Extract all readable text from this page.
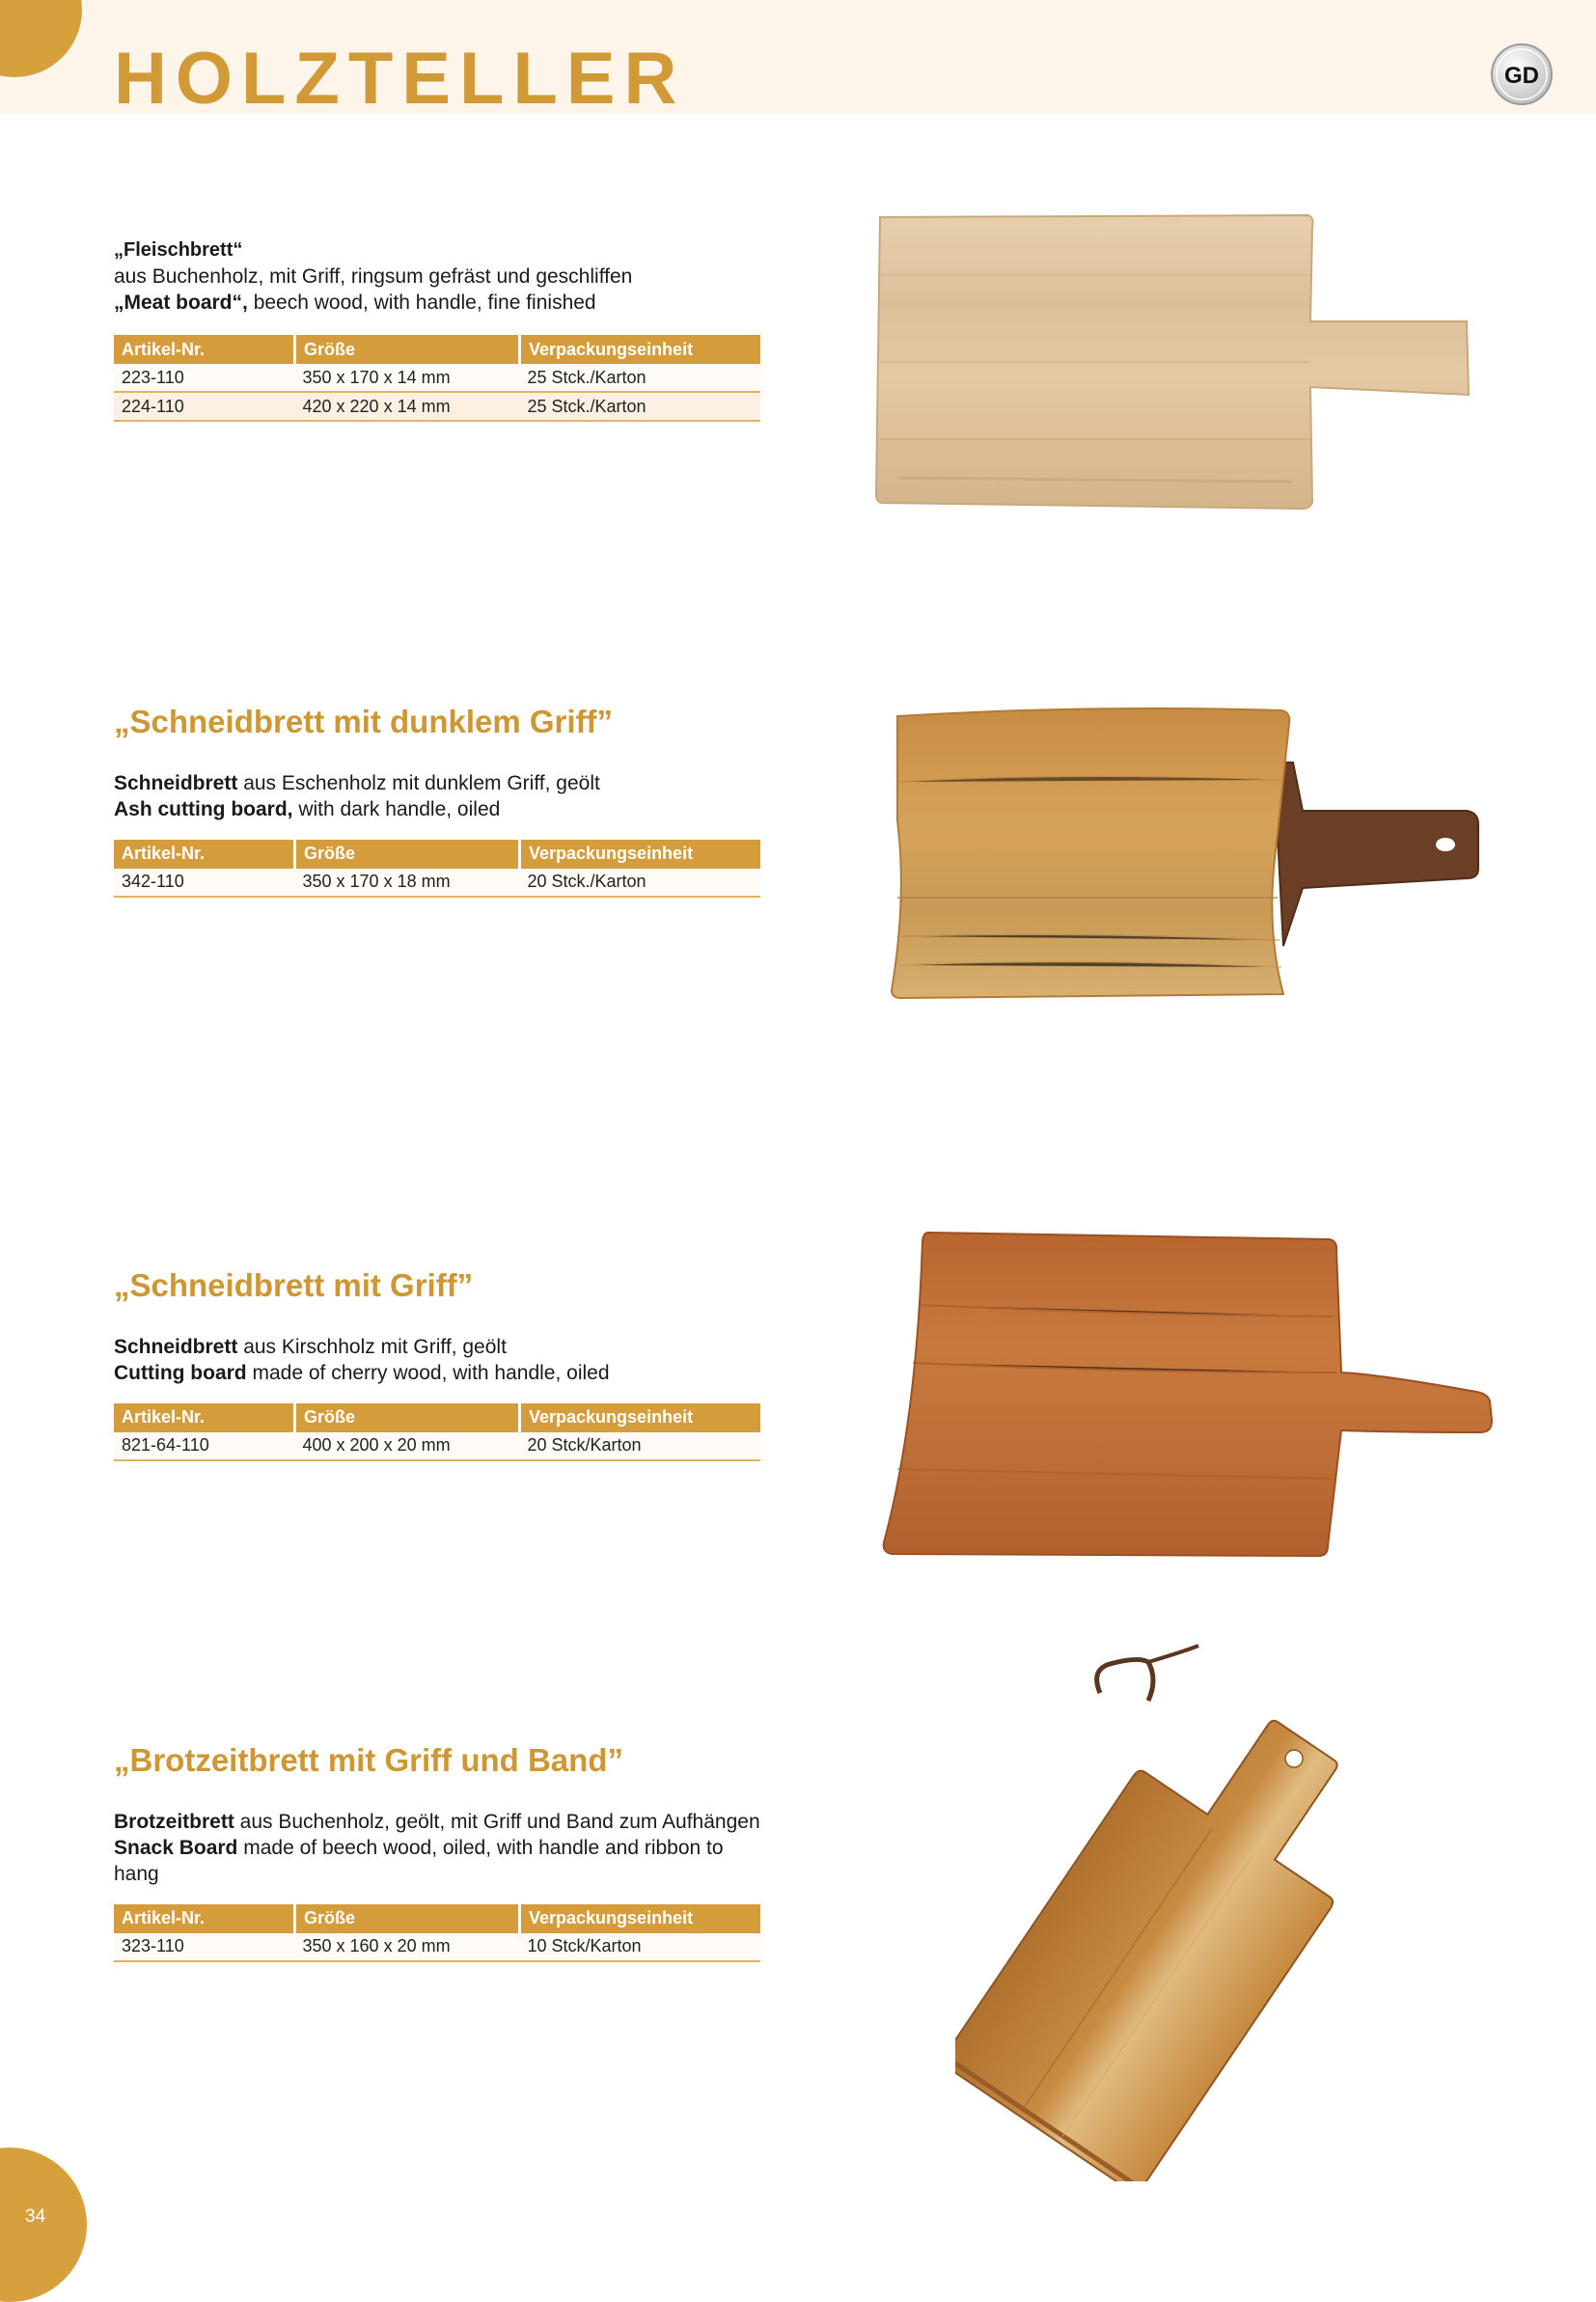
HOLZTELLER	GD

„Fleischbrett“

aus Buchenholz, mit Griff, ringsum gefräst und geschliffen

„Meat board“, beech wood, with handle, fine finished

Artikel-Nr.	Größe	Verpackungseinheit
223-110	350 x 170 x 14 mm	25 Stck./Karton
224-110	420 x 220 x 14 mm	25 Stck./Karton
„Schneidbrett mit dunklem Griff”

Schneidbrett aus Eschenholz mit dunklem Griff, geölt

Ash cutting board, with dark handle, oiled

Artikel-Nr.	Größe	Verpackungseinheit
342-110	350 x 170 x 18 mm	20 Stck./Karton
„Schneidbrett mit Griff”

Schneidbrett aus Kirschholz mit Griff, geölt

Cutting board made of cherry wood, with handle, oiled

Artikel-Nr.	Größe	Verpackungseinheit
821-64-110	400 x 200 x 20 mm	20 Stck/Karton
„Brotzeitbrett mit Griff und Band”

Brotzeitbrett aus Buchenholz, geölt, mit Griff und Band zum Aufhängen

Snack Board made of beech wood, oiled, with handle and ribbon to hang

Artikel-Nr.	Größe	Verpackungseinheit
323-110	350 x 160 x 20 mm	10 Stck/Karton
34
